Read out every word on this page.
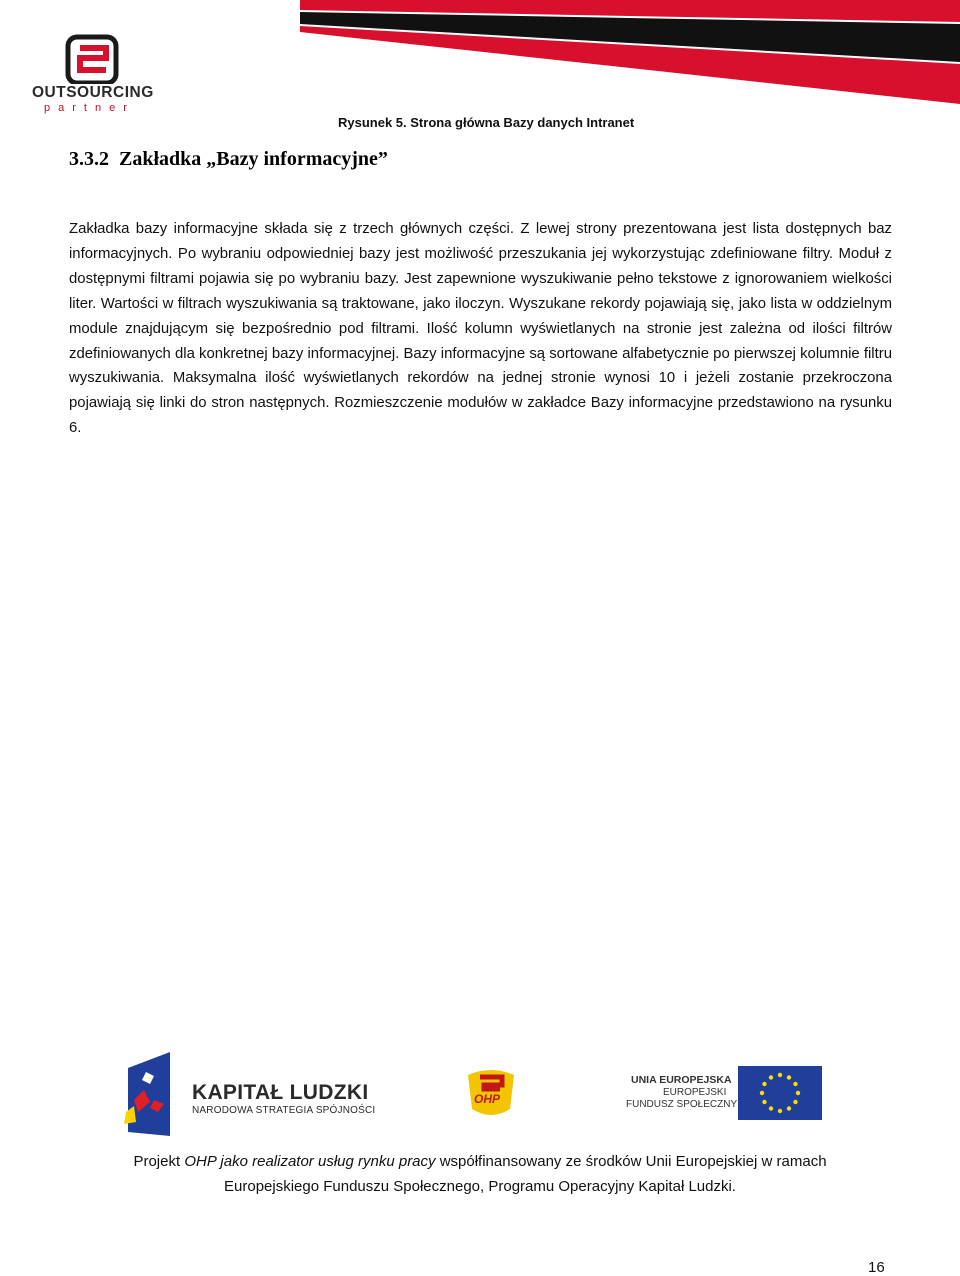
OUTSOURCING
partner
Rysunek 5. Strona główna Bazy danych Intranet
3.3.2 Zakładka „Bazy informacyjne”

Zakładka bazy informacyjne składa się z trzech głównych części. Z lewej strony prezentowana jest lista dostępnych baz informacyjnych. Po wybraniu odpowiedniej bazy jest możliwość przeszukania jej wykorzystując zdefiniowane filtry. Moduł z dostępnymi filtrami pojawia się po wybraniu bazy. Jest zapewnione wyszukiwanie pełno tekstowe z ignorowaniem wielkości liter. Wartości w filtrach wyszukiwania są traktowane, jako iloczyn. Wyszukane rekordy pojawiają się, jako lista w oddzielnym module znajdującym się bezpośrednio pod filtrami. Ilość kolumn wyświetlanych na stronie jest zależna od ilości filtrów zdefiniowanych dla konkretnej bazy informacyjnej. Bazy informacyjne są sortowane alfabetycznie po pierwszej kolumnie filtru wyszukiwania. Maksymalna ilość wyświetlanych rekordów na jednej stronie wynosi 10 i jeżeli zostanie przekroczona pojawiają się linki do stron następnych. Rozmieszczenie modułów w zakładce Bazy informacyjne przedstawiono na rysunku 6.

KAPITAŁ LUDZKI
NARODOWA STRATEGIA SPÓJNOŚCI
OHP
UNIA EUROPEJSKA
EUROPEJSKI
FUNDUSZ SPOŁECZNY
Projekt OHP jako realizator usług rynku pracy współfinansowany ze środków Unii Europejskiej w ramach
Europejskiego Funduszu Społecznego, Programu Operacyjny Kapitał Ludzki.
16
